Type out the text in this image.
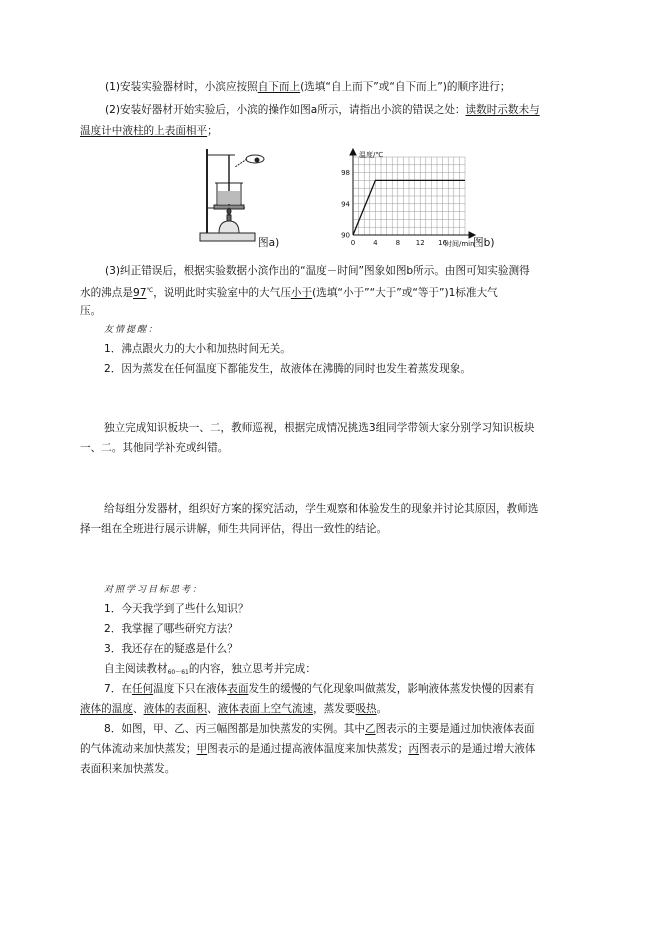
(1)安装实验器材时，小滨应按照自下而上(选填“自上而下”或“自下而上”)的顺序进行；
(2)安装好器材开始实验后，小滨的操作如图a所示，请指出小滨的错误之处：读数时示数未与
温度计中液柱的上表面相平；
图a)
98
94
90
0	4	8 12 16
温度/℃
时间/min
图b)
(3)纠正错误后，根据实验数据小滨作出的“温度－时间”图象如图b所示。由图可知实验测得
水的沸点是97℃，说明此时实验室中的大气压小于(选填“小于”“大于”或“等于”)1标准大气
压。
友情提醒：
1．沸点跟火力的大小和加热时间无关。
2．因为蒸发在任何温度下都能发生，故液体在沸腾的同时也发生着蒸发现象。
独立完成知识板块一、二，教师巡视，根据完成情况挑选3组同学带领大家分别学习知识板块
一、二。其他同学补充或纠错。
给每组分发器材，组织好方案的探究活动，学生观察和体验发生的现象并讨论其原因，教师选
择一组在全班进行展示讲解，师生共同评估，得出一致性的结论。
对照学习目标思考：
1．今天我学到了些什么知识？
2．我掌握了哪些研究方法？
3．我还存在的疑惑是什么？
自主阅读教材$_{60\sim 61}$的内容，独立思考并完成：
7．在任何温度下只在液体表面发生的缓慢的气化现象叫做蒸发，影响液体蒸发快慢的因素有
液体的温度、液体的表面积、液体表面上空气流速，蒸发要吸热。
8．如图，甲、乙、丙三幅图都是加快蒸发的实例。其中乙图表示的主要是通过加快液体表面
的气体流动来加快蒸发；甲图表示的是通过提高液体温度来加快蒸发；丙图表示的是通过增大液体
表面积来加快蒸发。
